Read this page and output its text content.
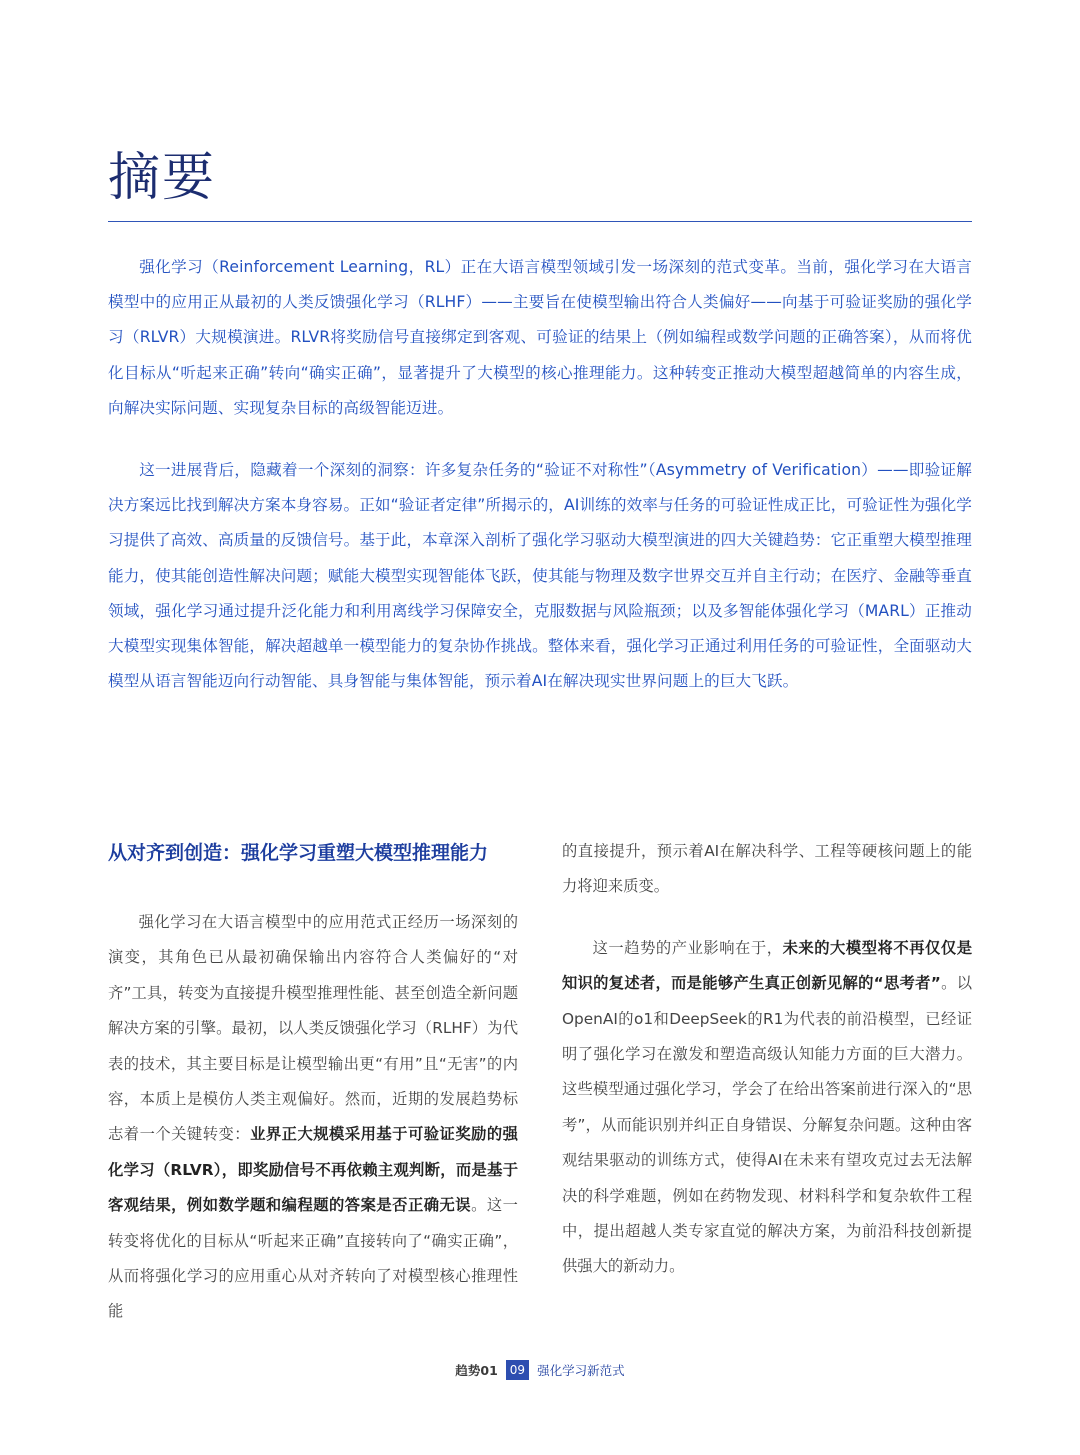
摘要

强化学习（Reinforcement Learning，RL）正在大语言模型领域引发一场深刻的范式变革。当前，强化学习在大语言模型中的应用正从最初的人类反馈强化学习（RLHF）——主要旨在使模型输出符合人类偏好——向基于可验证奖励的强化学习（RLVR）大规模演进。RLVR将奖励信号直接绑定到客观、可验证的结果上（例如编程或数学问题的正确答案），从而将优化目标从“听起来正确”转向“确实正确”，显著提升了大模型的核心推理能力。这种转变正推动大模型超越简单的内容生成，向解决实际问题、实现复杂目标的高级智能迈进。

这一进展背后，隐藏着一个深刻的洞察：许多复杂任务的“验证不对称性”（Asymmetry of Verification）——即验证解决方案远比找到解决方案本身容易。正如“验证者定律”所揭示的，AI训练的效率与任务的可验证性成正比，可验证性为强化学习提供了高效、高质量的反馈信号。基于此，本章深入剖析了强化学习驱动大模型演进的四大关键趋势：它正重塑大模型推理能力，使其能创造性解决问题；赋能大模型实现智能体飞跃，使其能与物理及数字世界交互并自主行动；在医疗、金融等垂直领域，强化学习通过提升泛化能力和利用离线学习保障安全，克服数据与风险瓶颈；以及多智能体强化学习（MARL）正推动大模型实现集体智能，解决超越单一模型能力的复杂协作挑战。整体来看，强化学习正通过利用任务的可验证性，全面驱动大模型从语言智能迈向行动智能、具身智能与集体智能，预示着AI在解决现实世界问题上的巨大飞跃。

从对齐到创造：强化学习重塑大模型推理能力

强化学习在大语言模型中的应用范式正经历一场深刻的演变，其角色已从最初确保输出内容符合人类偏好的“对齐”工具，转变为直接提升模型推理性能、甚至创造全新问题解决方案的引擎。最初，以人类反馈强化学习（RLHF）为代表的技术，其主要目标是让模型输出更“有用”且“无害”的内容，本质上是模仿人类主观偏好。然而，近期的发展趋势标志着一个关键转变：业界正大规模采用基于可验证奖励的强化学习（RLVR），即奖励信号不再依赖主观判断，而是基于客观结果，例如数学题和编程题的答案是否正确无误。这一转变将优化的目标从“听起来正确”直接转向了“确实正确”，从而将强化学习的应用重心从对齐转向了对模型核心推理性能

的直接提升，预示着AI在解决科学、工程等硬核问题上的能力将迎来质变。

这一趋势的产业影响在于，未来的大模型将不再仅仅是知识的复述者，而是能够产生真正创新见解的“思考者”。以OpenAI的o1和DeepSeek的R1为代表的前沿模型，已经证明了强化学习在激发和塑造高级认知能力方面的巨大潜力。这些模型通过强化学习，学会了在给出答案前进行深入的“思考”，从而能识别并纠正自身错误、分解复杂问题。这种由客观结果驱动的训练方式，使得AI在未来有望攻克过去无法解决的科学难题，例如在药物发现、材料科学和复杂软件工程中，提出超越人类专家直觉的解决方案，为前沿科技创新提供强大的新动力。

趋势01	09 强化学习新范式
